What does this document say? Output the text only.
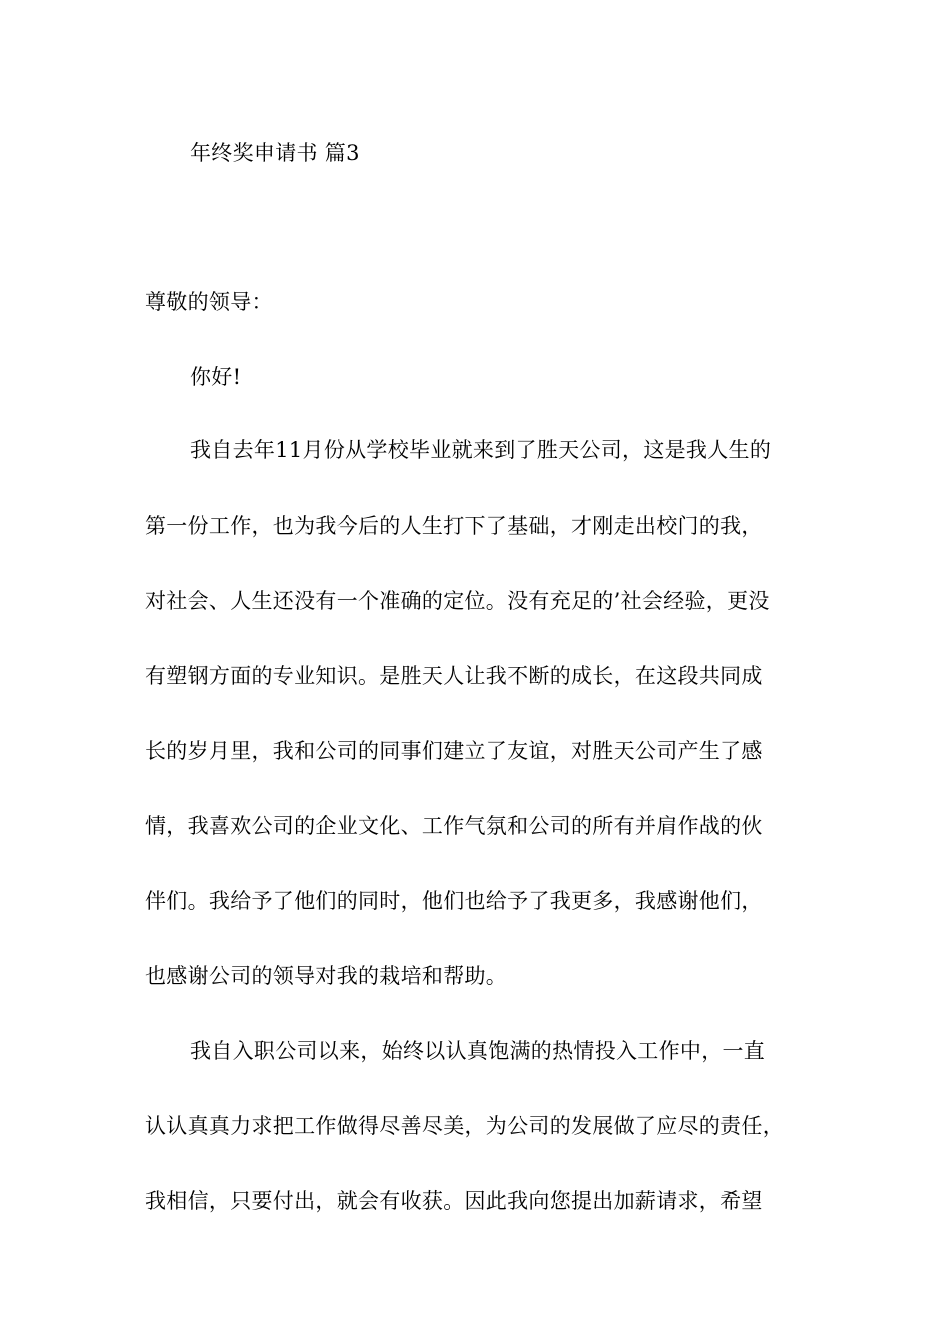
年终奖申请书 篇3
尊敬的领导：
你好!
我自去年11月份从学校毕业就来到了胜天公司，这是我人生的
第一份工作，也为我今后的人生打下了基础，才刚走出校门的我，
对社会、人生还没有一个准确的定位。没有充足的’社会经验，更没
有塑钢方面的专业知识。是胜天人让我不断的成长，在这段共同成
长的岁月里，我和公司的同事们建立了友谊，对胜天公司产生了感
情，我喜欢公司的企业文化、工作气氛和公司的所有并肩作战的伙
伴们。我给予了他们的同时，他们也给予了我更多，我感谢他们，
也感谢公司的领导对我的栽培和帮助。
我自入职公司以来，始终以认真饱满的热情投入工作中，一直
认认真真力求把工作做得尽善尽美，为公司的发展做了应尽的责任，
我相信，只要付出，就会有收获。因此我向您提出加薪请求，希望
